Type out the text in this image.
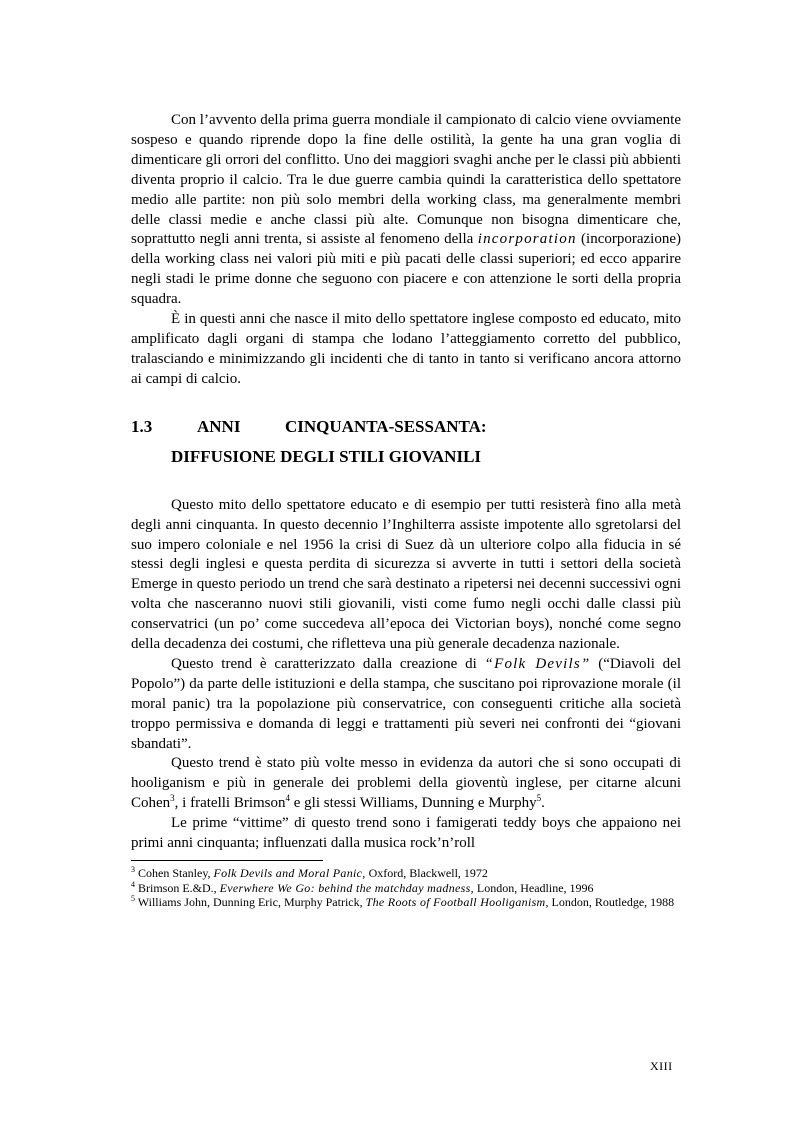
Con l’avvento della prima guerra mondiale il campionato di calcio viene ovviamente sospeso e quando riprende dopo la fine delle ostilità, la gente ha una gran voglia di dimenticare gli orrori del conflitto. Uno dei maggiori svaghi anche per le classi più abbienti diventa proprio il calcio. Tra le due guerre cambia quindi la caratteristica dello spettatore medio alle partite: non più solo membri della working class, ma generalmente membri delle classi medie e anche classi più alte. Comunque non bisogna dimenticare che, soprattutto negli anni trenta, si assiste al fenomeno della incorporation (incorporazione) della working class nei valori più miti e più pacati delle classi superiori; ed ecco apparire negli stadi le prime donne che seguono con piacere e con attenzione le sorti della propria squadra.

È in questi anni che nasce il mito dello spettatore inglese composto ed educato, mito amplificato dagli organi di stampa che lodano l’atteggiamento corretto del pubblico, tralasciando e minimizzando gli incidenti che di tanto in tanto si verificano ancora attorno ai campi di calcio.

1.3	ANNI	CINQUANTA-SESSANTA:
DIFFUSIONE DEGLI STILI GIOVANILI

Questo mito dello spettatore educato e di esempio per tutti resisterà fino alla metà degli anni cinquanta. In questo decennio l’Inghilterra assiste impotente allo sgretolarsi del suo impero coloniale e nel 1956 la crisi di Suez dà un ulteriore colpo alla fiducia in sé stessi degli inglesi e questa perdita di sicurezza si avverte in tutti i settori della società Emerge in questo periodo un trend che sarà destinato a ripetersi nei decenni successivi ogni volta che nasceranno nuovi stili giovanili, visti come fumo negli occhi dalle classi più conservatrici (un po’ come succedeva all’epoca dei Victorian boys), nonché come segno della decadenza dei costumi, che rifletteva una più generale decadenza nazionale.

Questo trend è caratterizzato dalla creazione di “Folk Devils” (“Diavoli del Popolo”) da parte delle istituzioni e della stampa, che suscitano poi riprovazione morale (il moral panic) tra la popolazione più conservatrice, con conseguenti critiche alla società troppo permissiva e domanda di leggi e trattamenti più severi nei confronti dei “giovani sbandati”.

Questo trend è stato più volte messo in evidenza da autori che si sono occupati di hooliganism e più in generale dei problemi della gioventù inglese, per citarne alcuni Cohen$^3$, i fratelli Brimson$^4$ e gli stessi Williams, Dunning e Murphy$^5$.

Le prime “vittime” di questo trend sono i famigerati teddy boys che appaiono nei primi anni cinquanta; influenzati dalla musica rock’n’roll

$^3$ Cohen Stanley, Folk Devils and Moral Panic, Oxford, Blackwell, 1972

$^4$ Brimson E.&D., Everwhere We Go: behind the matchday madness, London, Headline, 1996

$^5$ Williams John, Dunning Eric, Murphy Patrick, The Roots of Football Hooliganism, London, Routledge, 1988

XIII
